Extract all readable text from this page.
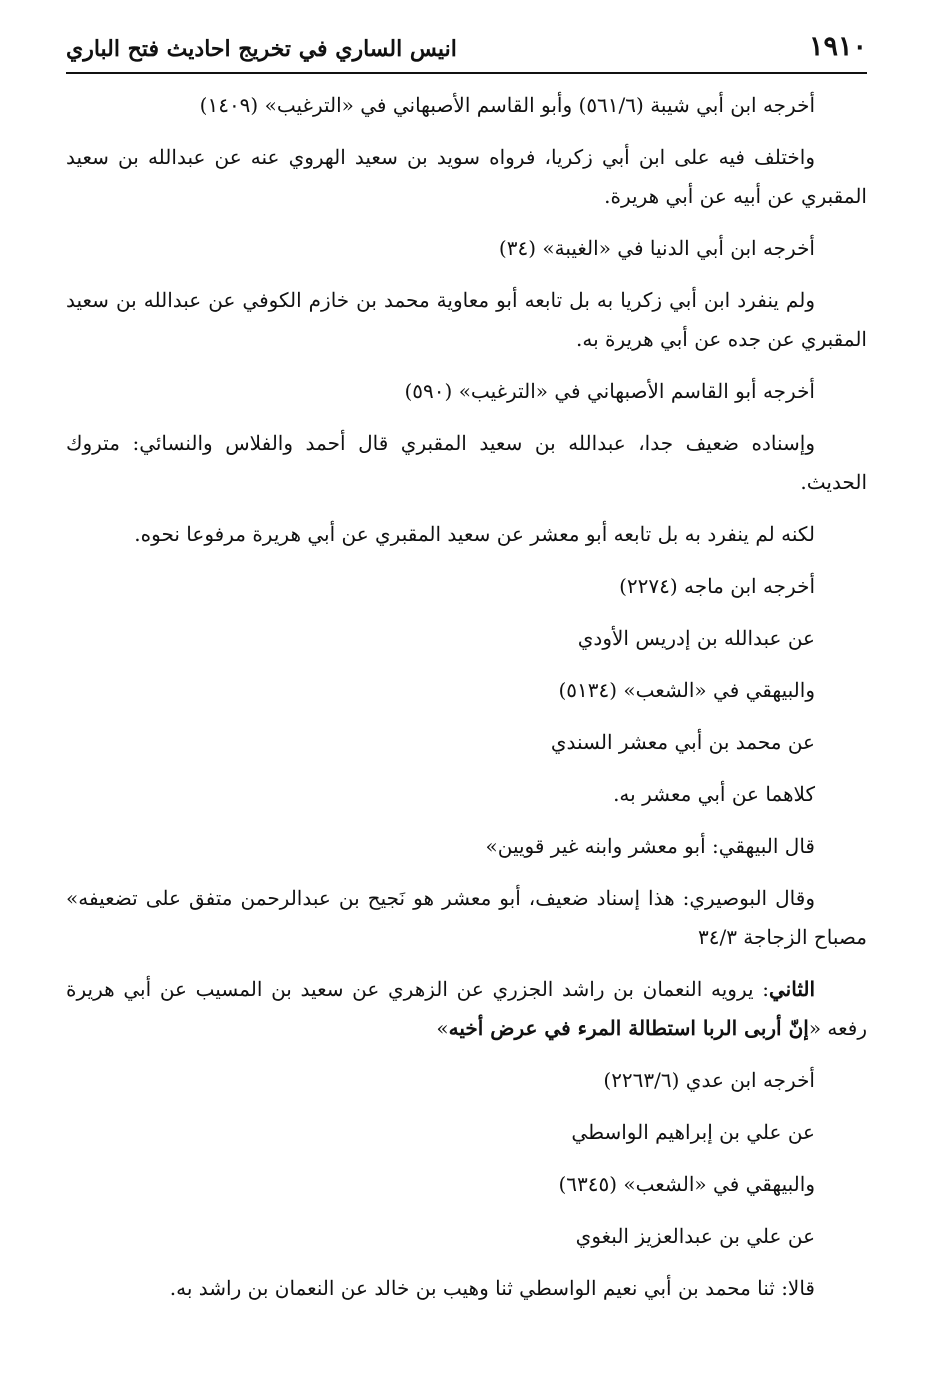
١٩١٠
انيس الساري في تخريج احاديث فتح الباري

أخرجه ابن أبي شيبة (٥٦١/٦) وأبو القاسم الأصبهاني في «الترغيب» (١٤٠٩)

واختلف فيه على ابن أبي زكريا، فرواه سويد بن سعيد الهروي عنه عن عبدالله بن سعيد المقبري عن أبيه عن أبي هريرة.

أخرجه ابن أبي الدنيا في «الغيبة» (٣٤)

ولم ينفرد ابن أبي زكريا به بل تابعه أبو معاوية محمد بن خازم الكوفي عن عبدالله بن سعيد المقبري عن جده عن أبي هريرة به.

أخرجه أبو القاسم الأصبهاني في «الترغيب» (٥٩٠)

وإسناده ضعيف جدا، عبدالله بن سعيد المقبري قال أحمد والفلاس والنسائي: متروك الحديث.

لكنه لم ينفرد به بل تابعه أبو معشر عن سعيد المقبري عن أبي هريرة مرفوعا نحوه.

أخرجه ابن ماجه (٢٢٧٤)

عن عبدالله بن إدريس الأودي

والبيهقي في «الشعب» (٥١٣٤)

عن محمد بن أبي معشر السندي

كلاهما عن أبي معشر به.

قال البيهقي: أبو معشر وابنه غير قويين»

وقال البوصيري: هذا إسناد ضعيف، أبو معشر هو نَجيح بن عبدالرحمن متفق على تضعيفه» مصباح الزجاجة ٣٤/٣

الثاني: يرويه النعمان بن راشد الجزري عن الزهري عن سعيد بن المسيب عن أبي هريرة رفعه «إنّ أربى الربا استطالة المرء في عرض أخيه»

أخرجه ابن عدي (٢٢٦٣/٦)

عن علي بن إبراهيم الواسطي

والبيهقي في «الشعب» (٦٣٤٥)

عن علي بن عبدالعزيز البغوي

قالا: ثنا محمد بن أبي نعيم الواسطي ثنا وهيب بن خالد عن النعمان بن راشد به.
